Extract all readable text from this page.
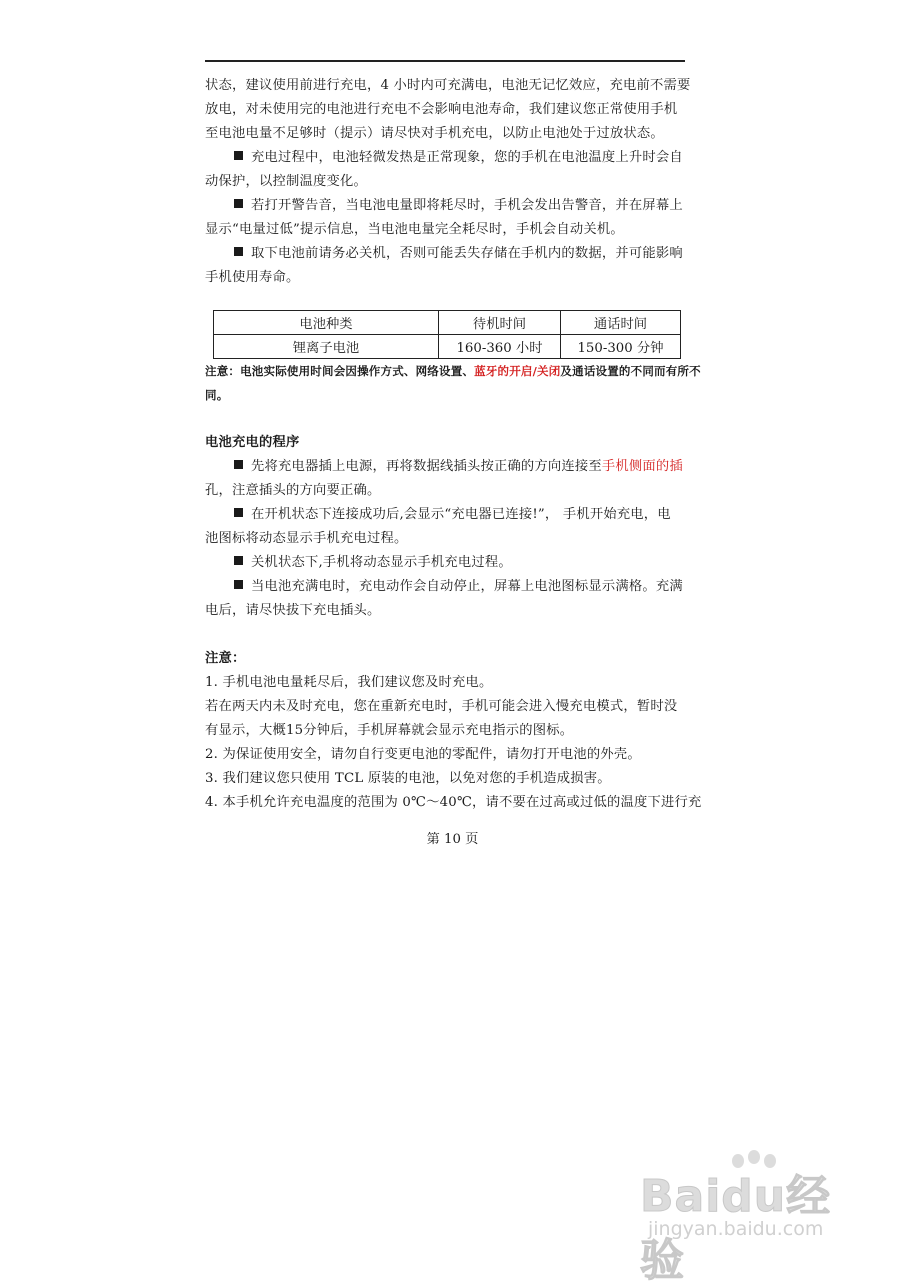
状态，建议使用前进行充电，4 小时内可充满电，电池无记忆效应，充电前不需要
放电，对未使用完的电池进行充电不会影响电池寿命，我们建议您正常使用手机
至电池电量不足够时（提示）请尽快对手机充电，以防止电池处于过放状态。
充电过程中，电池轻微发热是正常现象，您的手机在电池温度上升时会自
动保护，以控制温度变化。
若打开警告音，当电池电量即将耗尽时，手机会发出告警音，并在屏幕上
显示“电量过低”提示信息，当电池电量完全耗尽时，手机会自动关机。
取下电池前请务必关机，否则可能丢失存储在手机内的数据，并可能影响
手机使用寿命。
电池种类	待机时间	通话时间
锂离子电池	160-360 小时	150-300 分钟
注意：电池实际使用时间会因操作方式、网络设置、蓝牙的开启/关闭及通话设置的不同而有所不
同。
电池充电的程序
先将充电器插上电源，再将数据线插头按正确的方向连接至手机侧面的插
孔，注意插头的方向要正确。
在开机状态下连接成功后,会显示“充电器已连接!”， 手机开始充电，电
池图标将动态显示手机充电过程。
关机状态下,手机将动态显示手机充电过程。
当电池充满电时，充电动作会自动停止，屏幕上电池图标显示满格。充满
电后，请尽快拔下充电插头。
注意：
1. 手机电池电量耗尽后，我们建议您及时充电。
若在两天内未及时充电，您在重新充电时，手机可能会进入慢充电模式，暂时没
有显示，大概15分钟后，手机屏幕就会显示充电指示的图标。
2. 为保证使用安全，请勿自行变更电池的零配件，请勿打开电池的外壳。
3. 我们建议您只使用 TCL 原装的电池，以免对您的手机造成损害。
4. 本手机允许充电温度的范围为 0℃～40℃，请不要在过高或过低的温度下进行充
第 10 页
Baidu经验
jingyan.baidu.com
